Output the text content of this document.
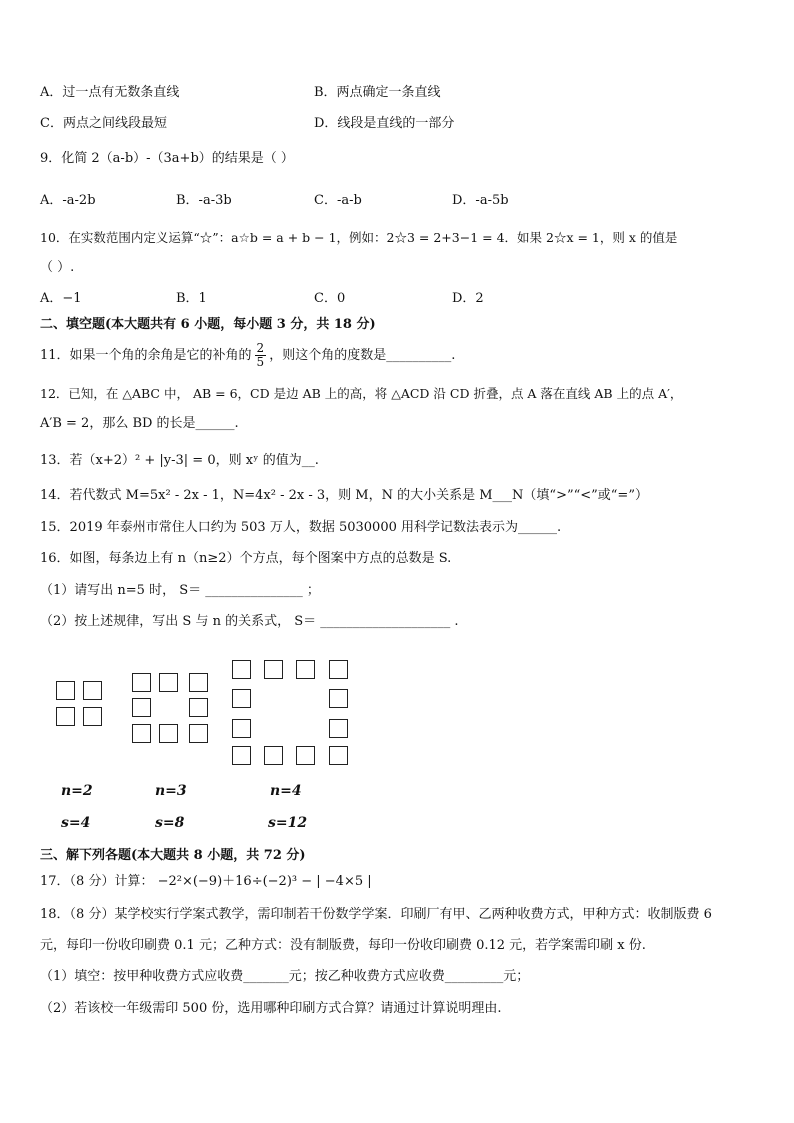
A．过一点有无数条直线	B．两点确定一条直线
C．两点之间线段最短	D．线段是直线的一部分
9．化简 2（a-b）-（3a+b）的结果是（ ）
A．-a-2b	B．-a-3b	C．-a-b	D．-a-5b
10．在实数范围内定义运算“☆”：a☆b = a + b − 1，例如：2☆3 = 2+3−1 = 4．如果 2☆x = 1，则 x 的值是
（ ）.
A．−1	B．1	C．0	D．2
二、填空题(本大题共有 6 小题，每小题 3 分，共 18 分)
11．如果一个角的余角是它的补角的 $\frac{2}{5}$ ，则这个角的度数是__________.
12．已知，在 △ABC 中， AB = 6，CD 是边 AB 上的高，将 △ACD 沿 CD 折叠，点 A 落在直线 AB 上的点 A′，
A′B = 2，那么 BD 的长是______.
13．若（x+2）² + |y-3| = 0，则 xʸ 的值为__.
14．若代数式 M=5x² - 2x - 1，N=4x² - 2x - 3，则 M，N 的大小关系是 M___N（填“>”“<”或“=”）
15．2019 年泰州市常住人口约为 503 万人，数据 5030000 用科学记数法表示为______.
16．如图，每条边上有 n（n≥2）个方点，每个图案中方点的总数是 S.
（1）请写出 n=5 时， S＝ _______________ ；
（2）按上述规律，写出 S 与 n 的关系式， S＝ ____________________ .
n=2	n=3	n=4
s=4	s=8	s=12
三、解下列各题(本大题共 8 小题，共 72 分)
17．（8 分）计算： −2²×(−9)＋16÷(−2)³ − | −4×5 |
18．（8 分）某学校实行学案式教学，需印制若干份数学学案．印刷厂有甲、乙两种收费方式，甲种方式：收制版费 6
元，每印一份收印刷费 0.1 元；乙种方式：没有制版费，每印一份收印刷费 0.12 元，若学案需印刷 x 份.
（1）填空：按甲种收费方式应收费_______元；按乙种收费方式应收费_________元；
（2）若该校一年级需印 500 份，选用哪种印刷方式合算？请通过计算说明理由.
